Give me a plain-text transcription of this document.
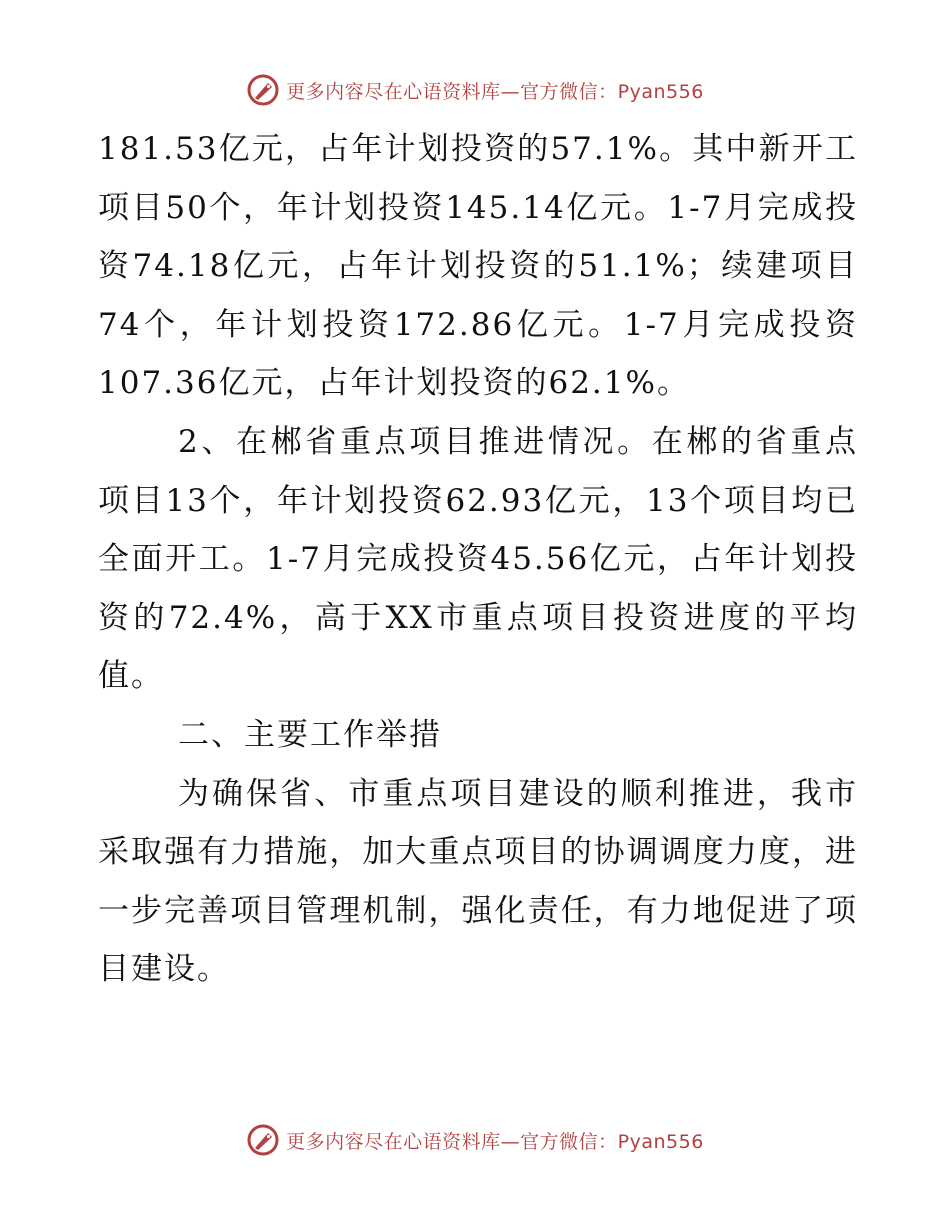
更多内容尽在心语资料库—官方微信：Pyan556

181.53亿元，占年计划投资的57.1%。其中新开工项目50个，年计划投资145.14亿元。1-7月完成投资74.18亿元，占年计划投资的51.1%；续建项目74个，年计划投资172.86亿元。1-7月完成投资107.36亿元，占年计划投资的62.1%。

2、在郴省重点项目推进情况。在郴的省重点项目13个，年计划投资62.93亿元，13个项目均已全面开工。1-7月完成投资45.56亿元，占年计划投资的72.4%，高于XX市重点项目投资进度的平均值。

二、主要工作举措

为确保省、市重点项目建设的顺利推进，我市采取强有力措施，加大重点项目的协调调度力度，进一步完善项目管理机制，强化责任，有力地促进了项目建设。

更多内容尽在心语资料库—官方微信：Pyan556
